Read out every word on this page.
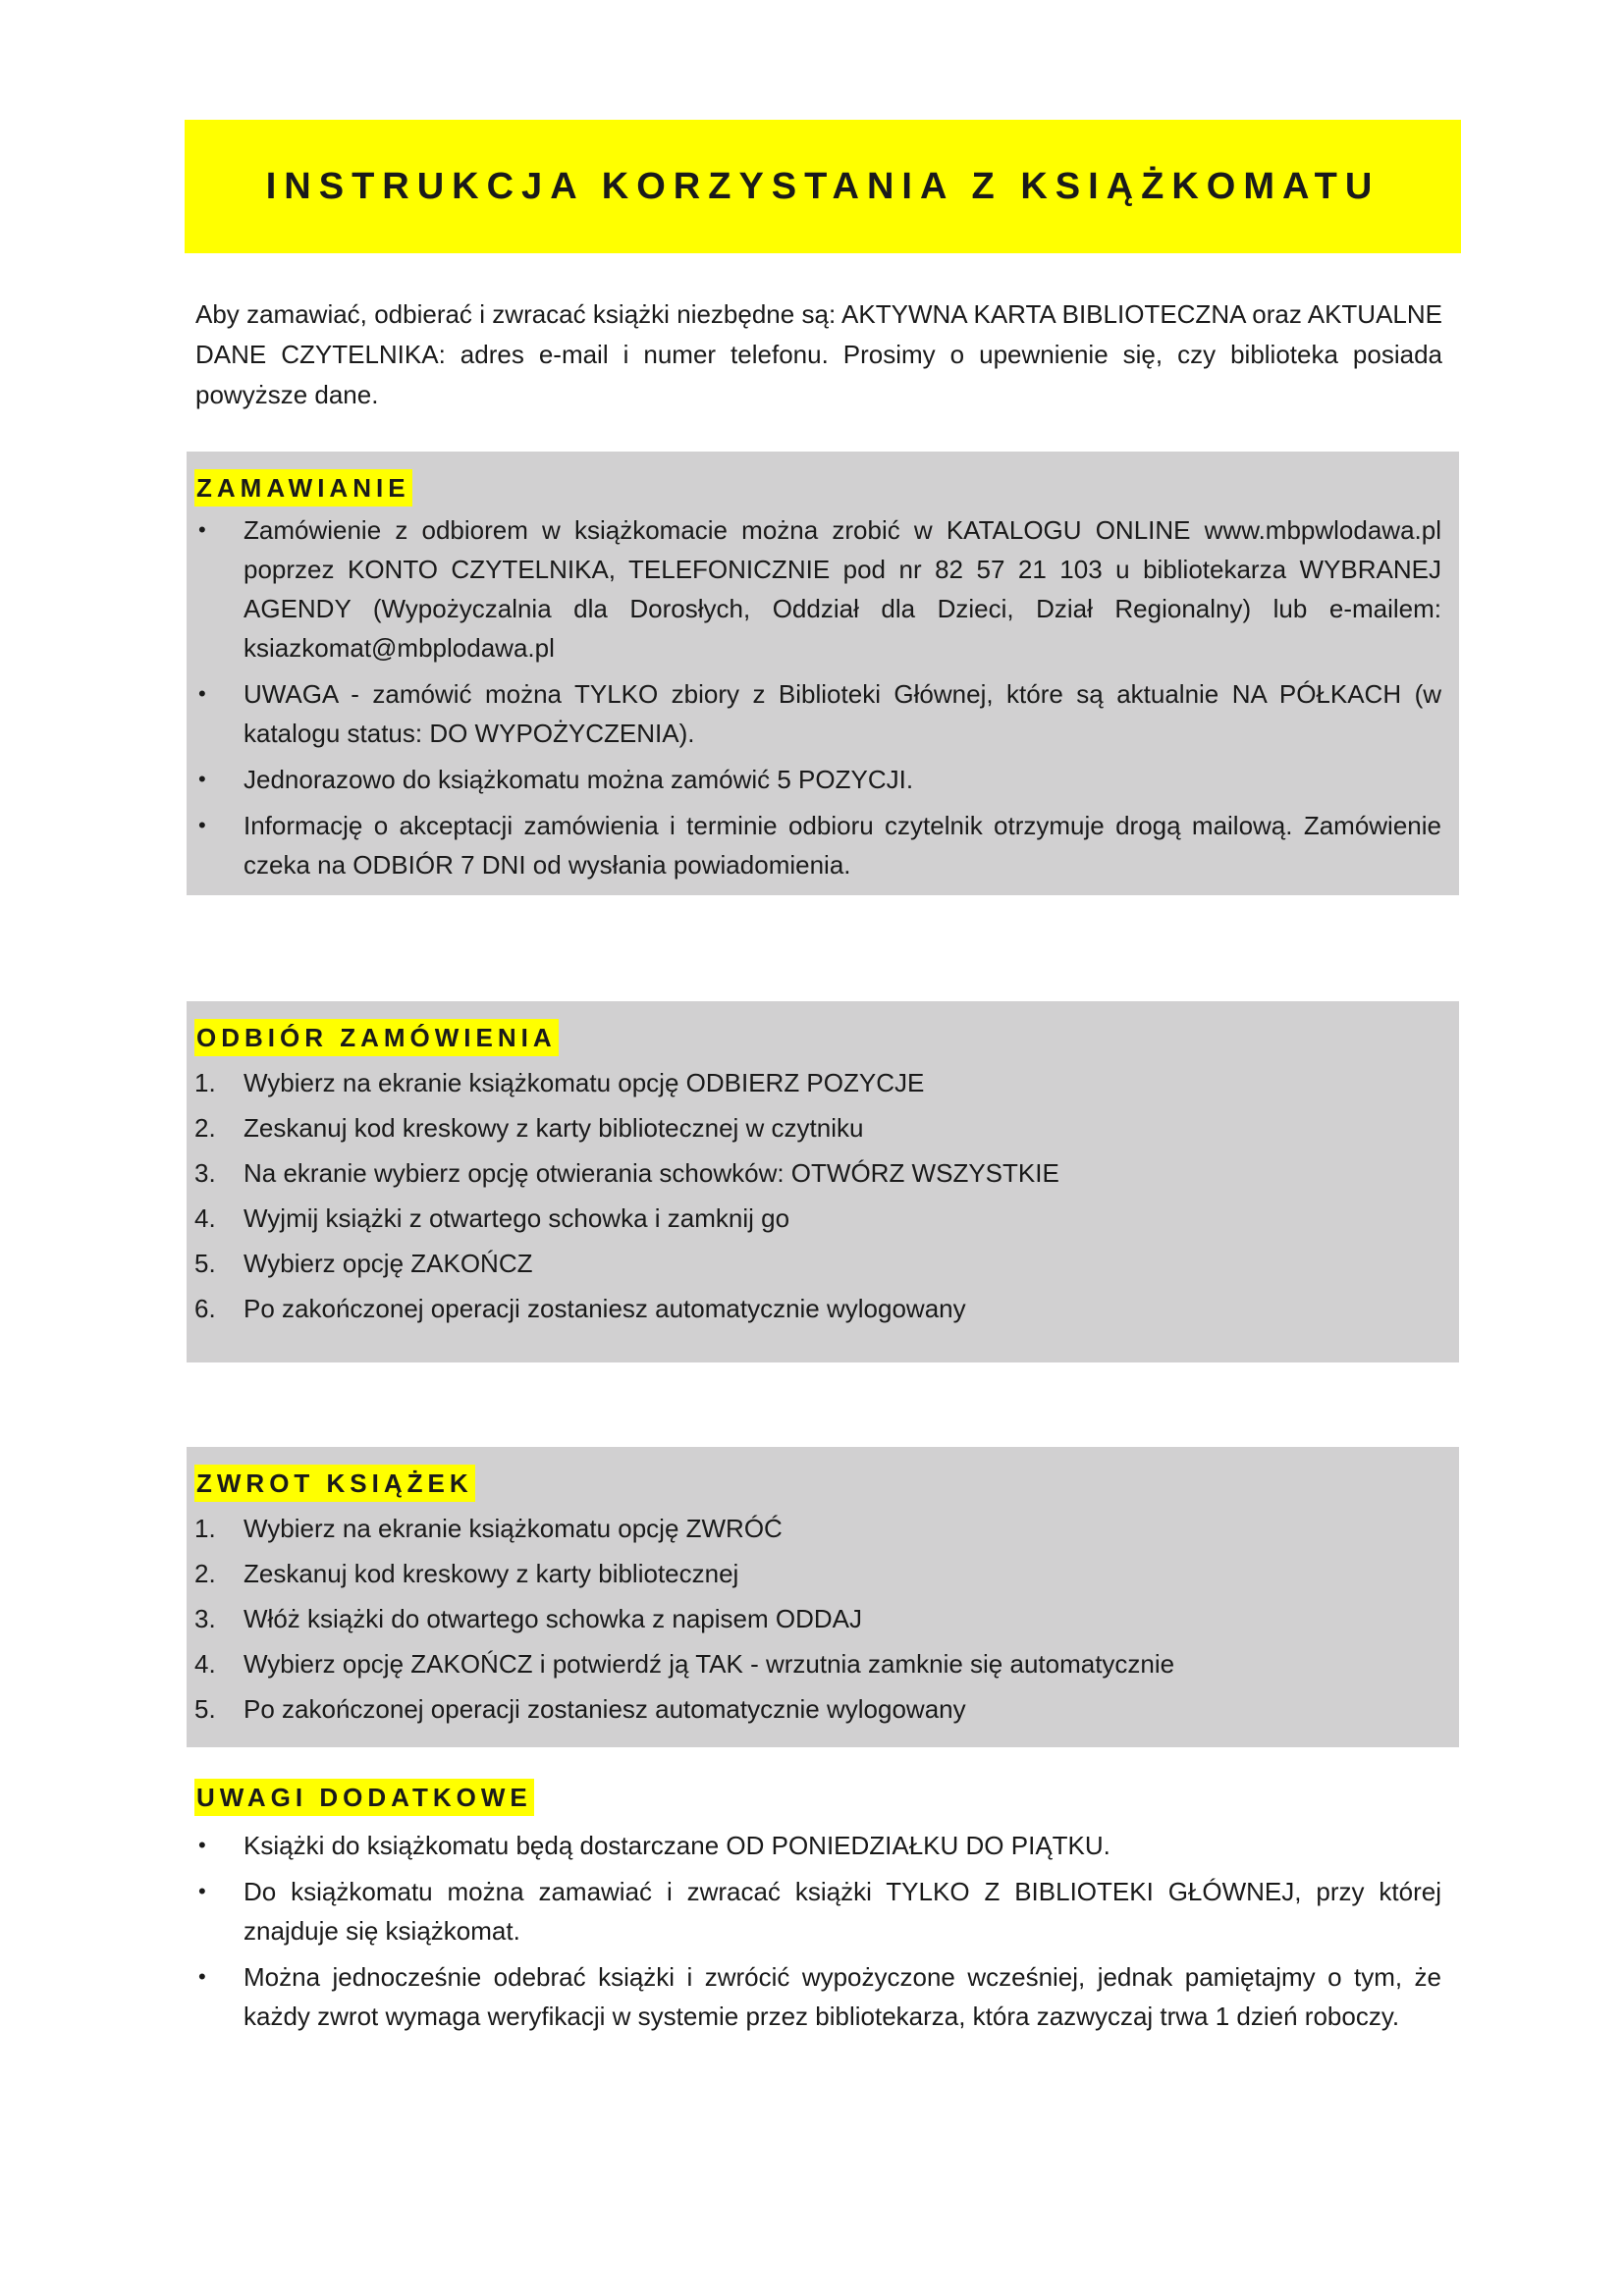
INSTRUKCJA KORZYSTANIA Z KSIĄŻKOMATU

Aby zamawiać, odbierać i zwracać książki niezbędne są: AKTYWNA KARTA BIBLIOTECZNA oraz AKTUALNE DANE CZYTELNIKA: adres e-mail i numer telefonu. Prosimy o upewnienie się, czy biblioteka posiada powyższe dane.

ZAMAWIANIE
• Zamówienie z odbiorem w książkomacie można zrobić w KATALOGU ONLINE www.mbpwlodawa.pl poprzez KONTO CZYTELNIKA, TELEFONICZNIE pod nr 82 57 21 103 u bibliotekarza WYBRANEJ AGENDY (Wypożyczalnia dla Dorosłych, Oddział dla Dzieci, Dział Regionalny) lub e-mailem: ksiazkomat@mbplodawa.pl
• UWAGA - zamówić można TYLKO zbiory z Biblioteki Głównej, które są aktualnie NA PÓŁKACH (w katalogu status: DO WYPOŻYCZENIA).
• Jednorazowo do książkomatu można zamówić 5 POZYCJI.
• Informację o akceptacji zamówienia i terminie odbioru czytelnik otrzymuje drogą mailową. Zamówienie czeka na ODBIÓR 7 DNI od wysłania powiadomienia.
ODBIÓR ZAMÓWIENIA
1. Wybierz na ekranie książkomatu opcję ODBIERZ POZYCJE
2. Zeskanuj kod kreskowy z karty bibliotecznej w czytniku
3. Na ekranie wybierz opcję otwierania schowków: OTWÓRZ WSZYSTKIE
4. Wyjmij książki z otwartego schowka i zamknij go
5. Wybierz opcję ZAKOŃCZ
6. Po zakończonej operacji zostaniesz automatycznie wylogowany
ZWROT KSIĄŻEK
1. Wybierz na ekranie książkomatu opcję ZWRÓĆ
2. Zeskanuj kod kreskowy z karty bibliotecznej
3. Włóż książki do otwartego schowka z napisem ODDAJ
4. Wybierz opcję ZAKOŃCZ i potwierdź ją TAK - wrzutnia zamknie się automatycznie
5. Po zakończonej operacji zostaniesz automatycznie wylogowany
UWAGI DODATKOWE
• Książki do książkomatu będą dostarczane OD PONIEDZIAŁKU DO PIĄTKU.
• Do książkomatu można zamawiać i zwracać książki TYLKO Z BIBLIOTEKI GŁÓWNEJ, przy której znajduje się książkomat.
• Można jednocześnie odebrać książki i zwrócić wypożyczone wcześniej, jednak pamiętajmy o tym, że każdy zwrot wymaga weryfikacji w systemie przez bibliotekarza, która zazwyczaj trwa 1 dzień roboczy.
